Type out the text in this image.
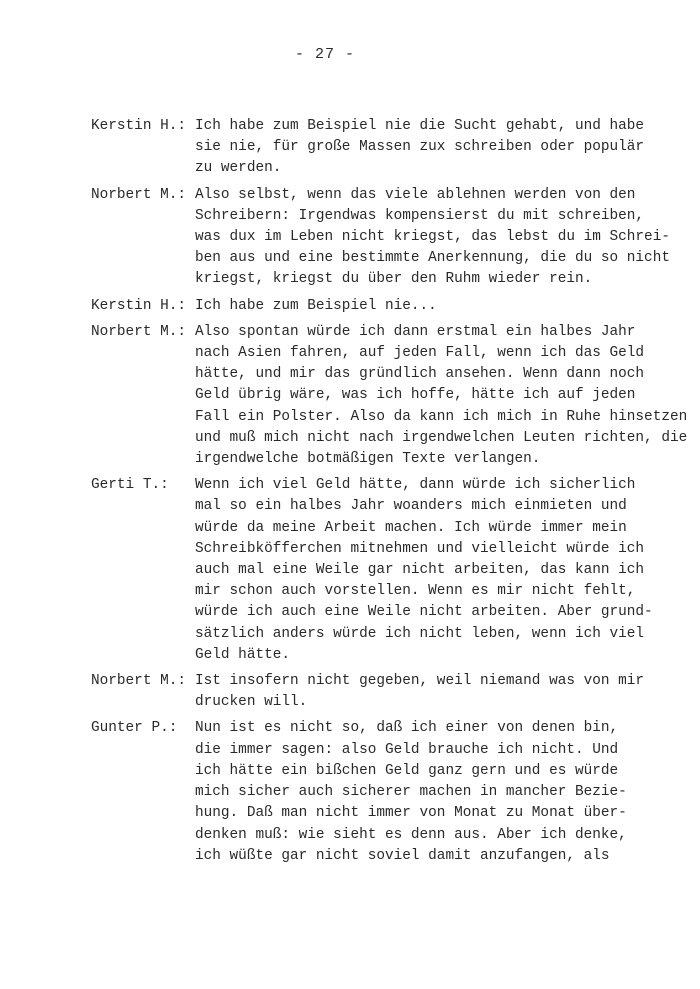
- 27 -
Kerstin H.: Ich habe zum Beispiel nie die Sucht gehabt, und habe
sie nie, für große Massen zux schreiben oder populär
zu werden.
Norbert M.: Also selbst, wenn das viele ablehnen werden von den
Schreibern: Irgendwas kompensierst du mit schreiben,
was dux im Leben nicht kriegst, das lebst du im Schrei-
ben aus und eine bestimmte Anerkennung, die du so nicht
kriegst, kriegst du über den Ruhm wieder rein.
Kerstin H.: Ich habe zum Beispiel nie...
Norbert M.: Also spontan würde ich dann erstmal ein halbes Jahr
nach Asien fahren, auf jeden Fall, wenn ich das Geld
hätte, und mir das gründlich ansehen. Wenn dann noch
Geld übrig wäre, was ich hoffe, hätte ich auf jeden
Fall ein Polster. Also da kann ich mich in Ruhe hinsetzen
und muß mich nicht nach irgendwelchen Leuten richten, die
irgendwelche botmäßigen Texte verlangen.
Gerti T.:	Wenn ich viel Geld hätte, dann würde ich sicherlich
mal so ein halbes Jahr woanders mich einmieten und
würde da meine Arbeit machen. Ich würde immer mein
Schreibköfferchen mitnehmen und vielleicht würde ich
auch mal eine Weile gar nicht arbeiten, das kann ich
mir schon auch vorstellen. Wenn es mir nicht fehlt,
würde ich auch eine Weile nicht arbeiten. Aber grund-
sätzlich anders würde ich nicht leben, wenn ich viel
Geld hätte.
Norbert M.: Ist insofern nicht gegeben, weil niemand was von mir
drucken will.
Gunter P.:	Nun ist es nicht so, daß ich einer von denen bin,
die immer sagen: also Geld brauche ich nicht. Und
ich hätte ein bißchen Geld ganz gern und es würde
mich sicher auch sicherer machen in mancher Bezie-
hung. Daß man nicht immer von Monat zu Monat über-
denken muß: wie sieht es denn aus. Aber ich denke,
ich wüßte gar nicht soviel damit anzufangen, als
